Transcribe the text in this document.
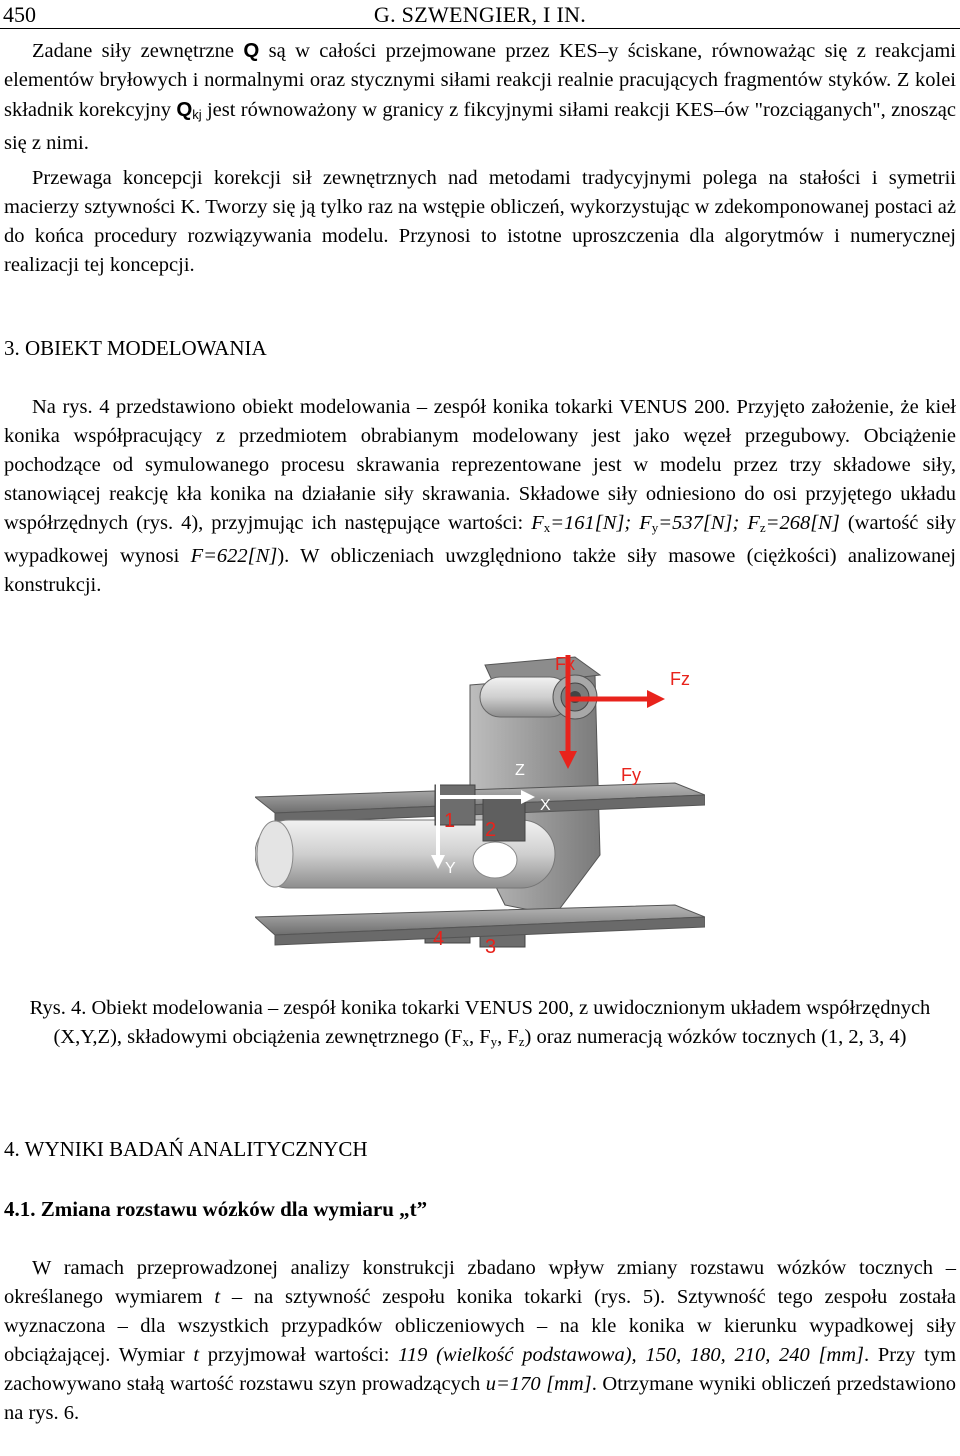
450	G. SZWENGIER, I IN.
Zadane siły zewnętrzne Q są w całości przejmowane przez KES–y ściskane, równoważąc się z reakcjami elementów bryłowych i normalnymi oraz stycznymi siłami reakcji realnie pracujących fragmentów styków. Z kolei składnik korekcyjny $Q_{kj}$ jest równoważony w granicy z fikcyjnymi siłami reakcji KES–ów "rozciąganych", znosząc się z nimi.
Przewaga koncepcji korekcji sił zewnętrznych nad metodami tradycyjnymi polega na stałości i symetrii macierzy sztywności K. Tworzy się ją tylko raz na wstępie obliczeń, wykorzystując w zdekomponowanej postaci aż do końca procedury rozwiązywania modelu. Przynosi to istotne uproszczenia dla algorytmów i numerycznej realizacji tej koncepcji.
3. OBIEKT MODELOWANIA
Na rys. 4 przedstawiono obiekt modelowania – zespół konika tokarki VENUS 200. Przyjęto założenie, że kieł konika współpracujący z przedmiotem obrabianym modelowany jest jako węzeł przegubowy. Obciążenie pochodzące od symulowanego procesu skrawania reprezentowane jest w modelu przez trzy składowe siły, stanowiącej reakcję kła konika na działanie siły skrawania. Składowe siły odniesiono do osi przyjętego układu współrzędnych (rys. 4), przyjmując ich następujące wartości: $F_x=161[N]$; $F_y=537[N]$; $F_z=268[N]$ (wartość siły wypadkowej wynosi F=622[N]). W obliczeniach uwzględniono także siły masowe (ciężkości) analizowanej konstrukcji.
Fx
Fz
Fy
Z
X
Y
1 2
4 3
Rys. 4. Obiekt modelowania – zespół konika tokarki VENUS 200, z uwidocznionym układem współrzędnych (X,Y,Z), składowymi obciążenia zewnętrznego ($F_x$, $F_y$, $F_z$) oraz numeracją wózków tocznych (1, 2, 3, 4)
4. WYNIKI BADAŃ ANALITYCZNYCH
4.1. Zmiana rozstawu wózków dla wymiaru „t”
W ramach przeprowadzonej analizy konstrukcji zbadano wpływ zmiany rozstawu wózków tocznych – określanego wymiarem t – na sztywność zespołu konika tokarki (rys. 5). Sztywność tego zespołu została wyznaczona – dla wszystkich przypadków obliczeniowych – na kle konika w kierunku wypadkowej siły obciążającej. Wymiar t przyjmował wartości: 119 (wielkość podstawowa), 150, 180, 210, 240 [mm]. Przy tym zachowywano stałą wartość rozstawu szyn prowadzących u=170 [mm]. Otrzymane wyniki obliczeń przedstawiono na rys. 6.
